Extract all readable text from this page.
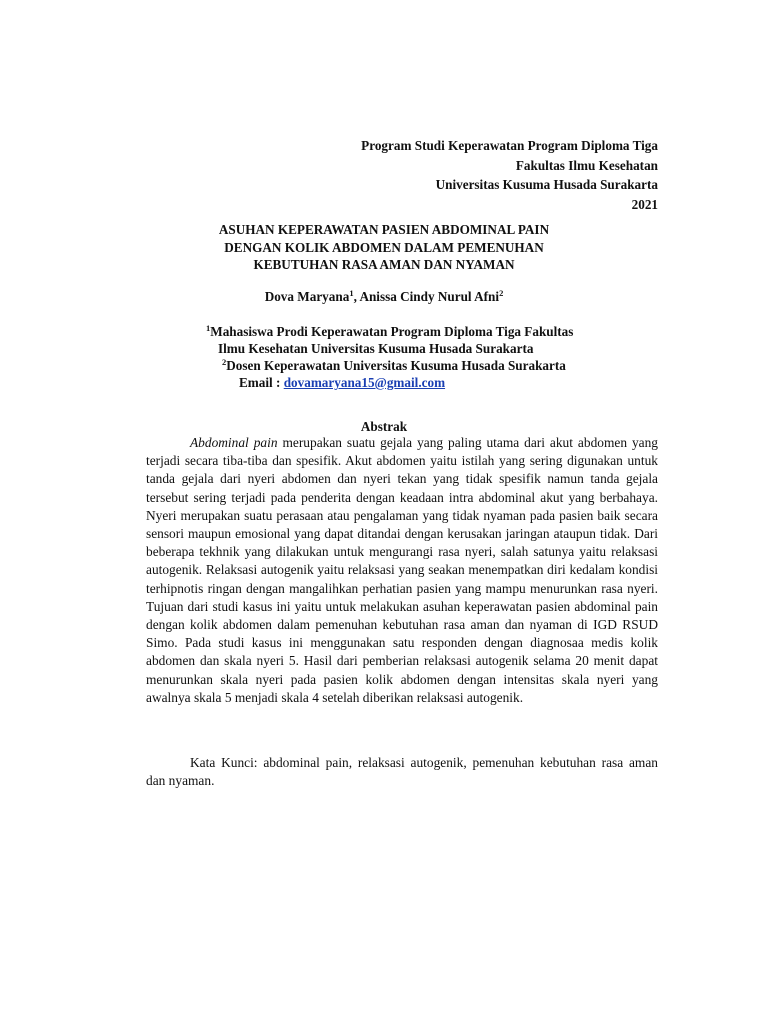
Program Studi Keperawatan Program Diploma Tiga
Fakultas Ilmu Kesehatan
Universitas Kusuma Husada Surakarta
2021
ASUHAN KEPERAWATAN PASIEN ABDOMINAL PAIN
DENGAN KOLIK ABDOMEN DALAM PEMENUHAN
KEBUTUHAN RASA AMAN DAN NYAMAN
Dova Maryana$^1$, Anissa Cindy Nurul Afni$^2$
$^1$Mahasiswa Prodi Keperawatan Program Diploma Tiga Fakultas
Ilmu Kesehatan Universitas Kusuma Husada Surakarta
$^2$Dosen Keperawatan Universitas Kusuma Husada Surakarta
Email : dovamaryana15@gmail.com
Abstrak

Abdominal pain merupakan suatu gejala yang paling utama dari akut abdomen yang terjadi secara tiba-tiba dan spesifik. Akut abdomen yaitu istilah yang sering digunakan untuk tanda gejala dari nyeri abdomen dan nyeri tekan yang tidak spesifik namun tanda gejala tersebut sering terjadi pada penderita dengan keadaan intra abdominal akut yang berbahaya. Nyeri merupakan suatu perasaan atau pengalaman yang tidak nyaman pada pasien baik secara sensori maupun emosional yang dapat ditandai dengan kerusakan jaringan ataupun tidak. Dari beberapa tekhnik yang dilakukan untuk mengurangi rasa nyeri, salah satunya yaitu relaksasi autogenik. Relaksasi autogenik yaitu relaksasi yang seakan menempatkan diri kedalam kondisi terhipnotis ringan dengan mangalihkan perhatian pasien yang mampu menurunkan rasa nyeri. Tujuan dari studi kasus ini yaitu untuk melakukan asuhan keperawatan pasien abdominal pain dengan kolik abdomen dalam pemenuhan kebutuhan rasa aman dan nyaman di IGD RSUD Simo. Pada studi kasus ini menggunakan satu responden dengan diagnosaa medis kolik abdomen dan skala nyeri 5. Hasil dari pemberian relaksasi autogenik selama 20 menit dapat menurunkan skala nyeri pada pasien kolik abdomen dengan intensitas skala nyeri yang awalnya skala 5 menjadi skala 4 setelah diberikan relaksasi autogenik.

Kata Kunci: abdominal pain, relaksasi autogenik, pemenuhan kebutuhan rasa aman dan nyaman.
